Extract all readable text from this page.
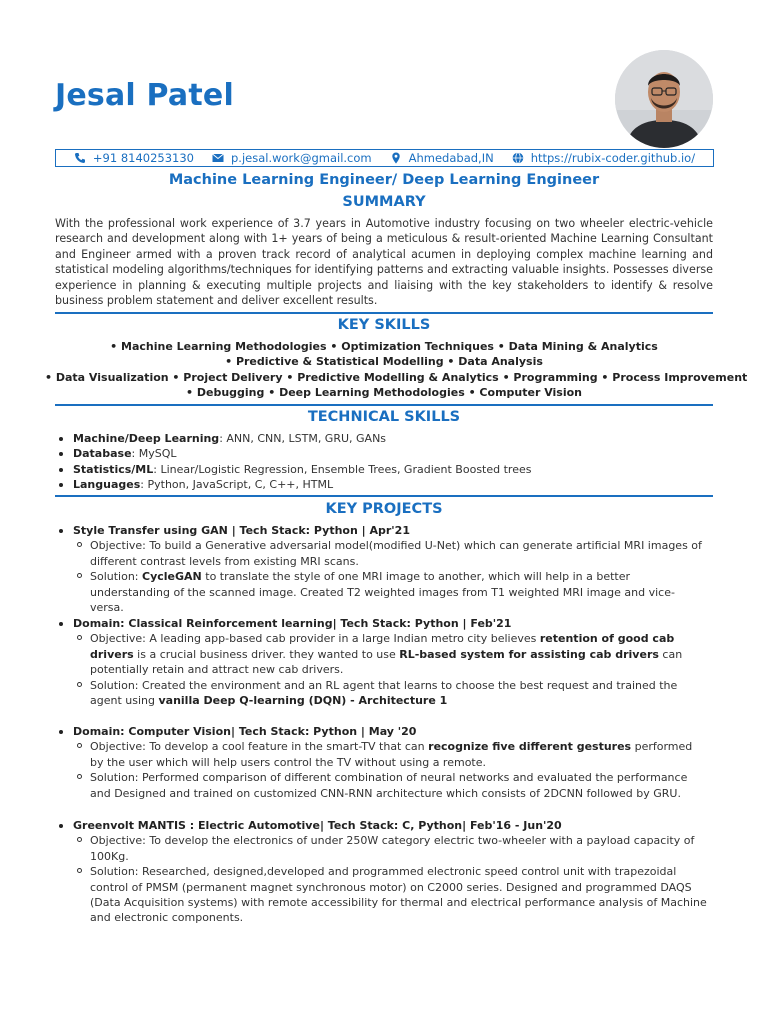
Jesal Patel
+91 8140253130	p.jesal.work@gmail.com	Ahmedabad,IN	https://rubix-coder.github.io/
Machine Learning Engineer/ Deep Learning Engineer
SUMMARY
With the professional work experience of 3.7 years in Automotive industry focusing on two wheeler electric-vehicle research and development along with 1+ years of being a meticulous & result-oriented Machine Learning Consultant and Engineer armed with a proven track record of analytical acumen in deploying complex machine learning and statistical modeling algorithms/techniques for identifying patterns and extracting valuable insights. Possesses diverse experience in planning & executing multiple projects and liaising with the key stakeholders to identify & resolve business problem statement and deliver excellent results.
KEY SKILLS
• Machine Learning Methodologies • Optimization Techniques • Data Mining & Analytics
• Predictive & Statistical Modelling • Data Analysis
• Data Visualization • Project Delivery • Predictive Modelling & Analytics • Programming • Process Improvement
• Debugging • Deep Learning Methodologies • Computer Vision
TECHNICAL SKILLS
Machine/Deep Learning: ANN, CNN, LSTM, GRU, GANs
Database: MySQL
Statistics/ML: Linear/Logistic Regression, Ensemble Trees, Gradient Boosted trees
Languages: Python, JavaScript, C, C++, HTML
KEY PROJECTS
Style Transfer using GAN | Tech Stack: Python | Apr'21
Objective: To build a Generative adversarial model(modified U-Net) which can generate artificial MRI images of different contrast levels from existing MRI scans.
Solution: CycleGAN to translate the style of one MRI image to another, which will help in a better understanding of the scanned image. Created T2 weighted images from T1 weighted MRI image and vice-versa.
Domain: Classical Reinforcement learning| Tech Stack: Python | Feb'21
Objective: A leading app-based cab provider in a large Indian metro city believes retention of good cab drivers is a crucial business driver. they wanted to use RL-based system for assisting cab drivers can potentially retain and attract new cab drivers.
Solution: Created the environment and an RL agent that learns to choose the best request and trained the agent using vanilla Deep Q-learning (DQN) - Architecture 1
Domain: Computer Vision| Tech Stack: Python | May '20
Objective: To develop a cool feature in the smart-TV that can recognize five different gestures performed by the user which will help users control the TV without using a remote.
Solution: Performed comparison of different combination of neural networks and evaluated the performance and Designed and trained on customized CNN-RNN architecture which consists of 2DCNN followed by GRU.
Greenvolt MANTIS : Electric Automotive| Tech Stack: C, Python| Feb'16 - Jun'20
Objective: To develop the electronics of under 250W category electric two-wheeler with a payload capacity of 100Kg.
Solution: Researched, designed,developed and programmed electronic speed control unit with trapezoidal control of PMSM (permanent magnet synchronous motor) on C2000 series. Designed and programmed DAQS (Data Acquisition systems) with remote accessibility for thermal and electrical performance analysis of Machine and electronic components.
